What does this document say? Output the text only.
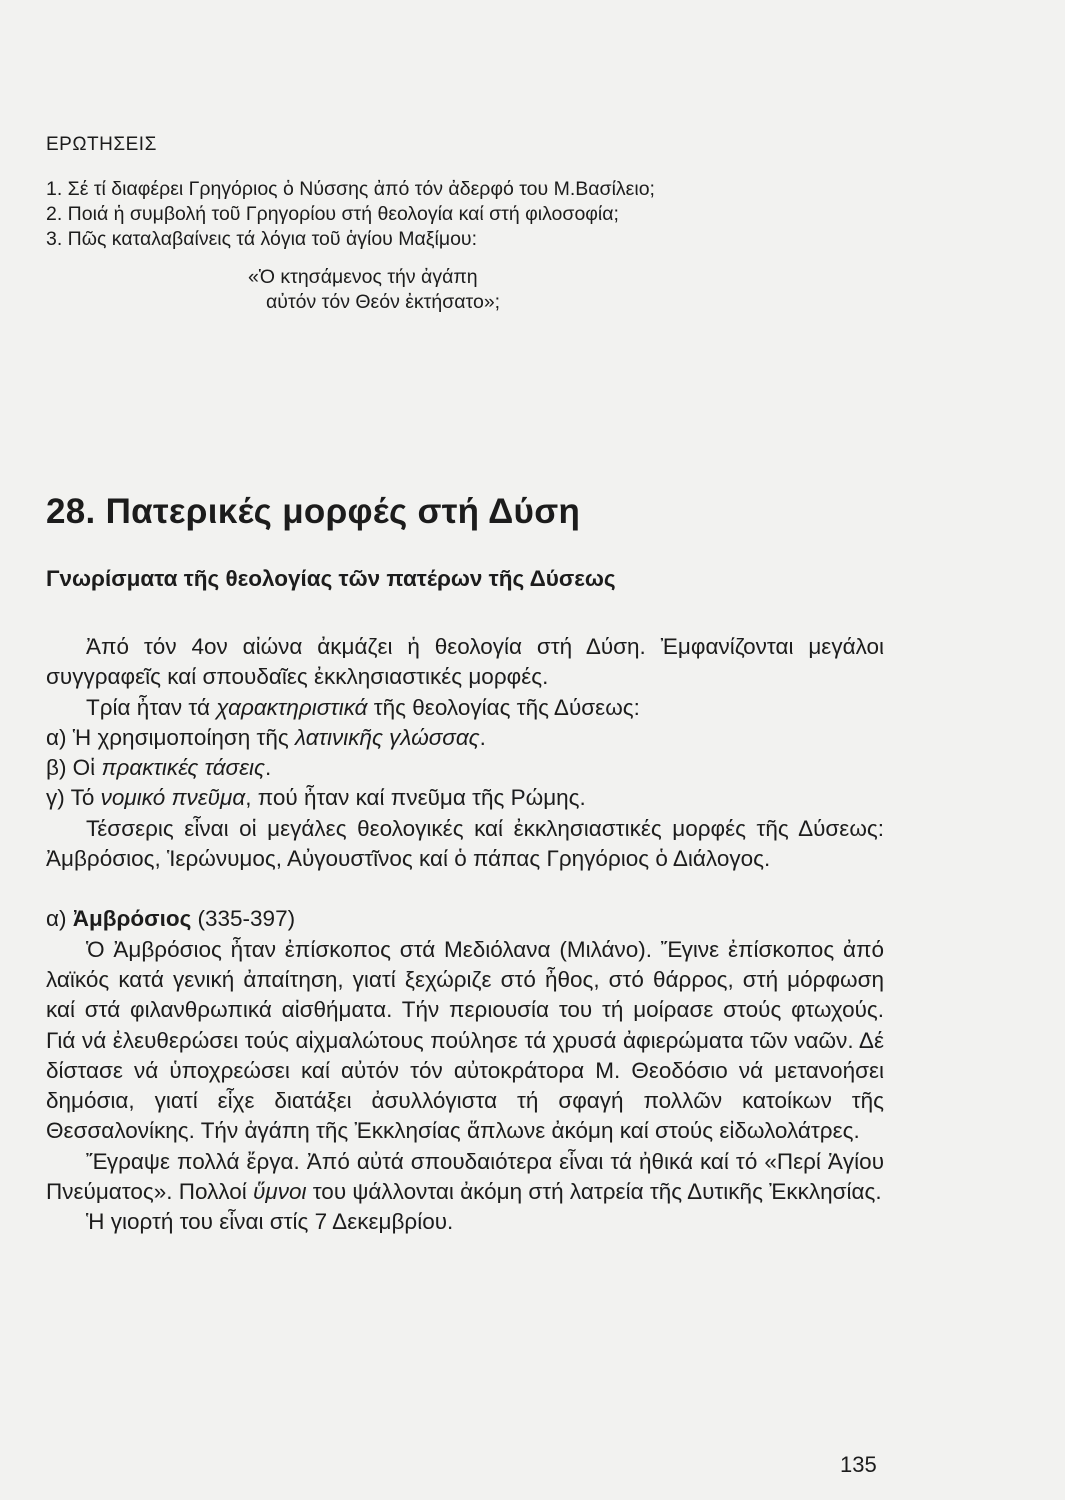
ΕΡΩΤΗΣΕΙΣ
1. Σέ τί διαφέρει Γρηγόριος ὁ Νύσσης ἀπό τόν ἀδερφό του Μ.Βασίλειο;
2. Ποιά ἡ συμβολή τοῦ Γρηγορίου στή θεολογία καί στή φιλοσοφία;
3. Πῶς καταλαβαίνεις τά λόγια τοῦ ἁγίου Μαξίμου:
«Ὁ κτησάμενος τήν ἀγάπη
αὐτόν τόν Θεόν ἐκτήσατο»;
28. Πατερικές μορφές στή Δύση
Γνωρίσματα τῆς θεολογίας τῶν πατέρων τῆς Δύσεως

Ἀπό τόν 4ον αἰώνα ἀκμάζει ἡ θεολογία στή Δύση. Ἐμφανίζονται μεγάλοι συγγραφεῖς καί σπουδαῖες ἐκκλησιαστικές μορφές.

Τρία ἦταν τά χαρακτηριστικά τῆς θεολογίας τῆς Δύσεως:

α) Ἡ χρησιμοποίηση τῆς λατινικῆς γλώσσας.

β) Οἱ πρακτικές τάσεις.

γ) Τό νομικό πνεῦμα, πού ἦταν καί πνεῦμα τῆς Ρώμης.

Τέσσερις εἶναι οἱ μεγάλες θεολογικές καί ἐκκλησιαστικές μορφές τῆς Δύσεως: Ἀμβρόσιος, Ἱερώνυμος, Αὐγουστῖνος καί ὁ πάπας Γρηγόριος ὁ Διάλογος.

α) Ἀμβρόσιος (335-397)

Ὁ Ἀμβρόσιος ἦταν ἐπίσκοπος στά Μεδιόλανα (Μιλάνο). Ἔγινε ἐπίσκοπος ἀπό λαϊκός κατά γενική ἀπαίτηση, γιατί ξεχώριζε στό ἦθος, στό θάρρος, στή μόρφωση καί στά φιλανθρωπικά αἰσθήματα. Τήν περιουσία του τή μοίρασε στούς φτωχούς. Γιά νά ἐλευθερώσει τούς αἰχμαλώτους πούλησε τά χρυσά ἀφιερώματα τῶν ναῶν. Δέ δίστασε νά ὑποχρεώσει καί αὐτόν τόν αὐτοκράτορα Μ. Θεοδόσιο νά μετανοήσει δημόσια, γιατί εἶχε διατάξει ἀσυλλόγιστα τή σφαγή πολλῶν κατοίκων τῆς Θεσσαλονίκης. Τήν ἀγάπη τῆς Ἐκκλησίας ἅπλωνε ἀκόμη καί στούς εἰδωλολάτρες.

Ἔγραψε πολλά ἔργα. Ἀπό αὐτά σπουδαιότερα εἶναι τά ἠθικά καί τό «Περί Ἁγίου Πνεύματος». Πολλοί ὕμνοι του ψάλλονται ἀκόμη στή λατρεία τῆς Δυτικῆς Ἐκκλησίας.

Ἡ γιορτή του εἶναι στίς 7 Δεκεμβρίου.

135
